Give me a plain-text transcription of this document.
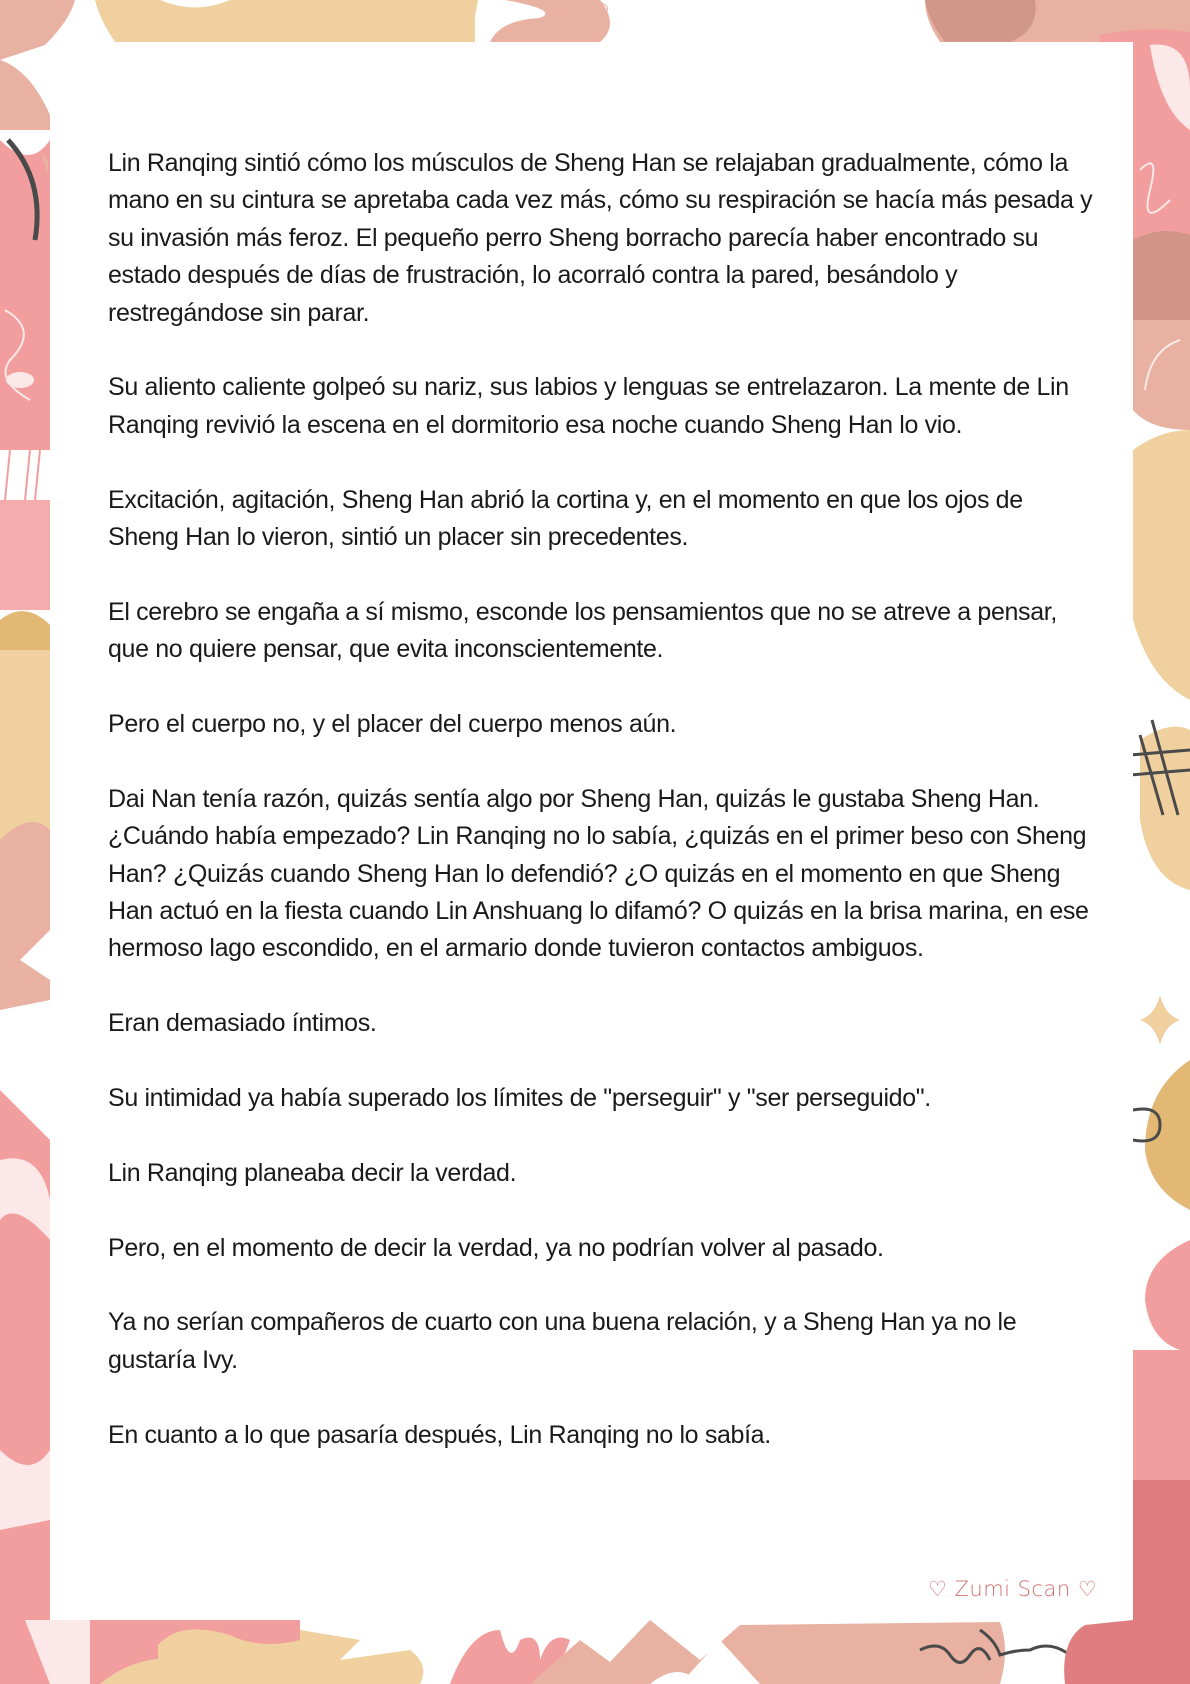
Lin Ranqing sintió cómo los músculos de Sheng Han se relajaban gradualmente, cómo la mano en su cintura se apretaba cada vez más, cómo su respiración se hacía más pesada y su invasión más feroz. El pequeño perro Sheng borracho parecía haber encontrado su estado después de días de frustración, lo acorraló contra la pared, besándolo y restregándose sin parar.

Su aliento caliente golpeó su nariz, sus labios y lenguas se entrelazaron. La mente de Lin Ranqing revivió la escena en el dormitorio esa noche cuando Sheng Han lo vio.

Excitación, agitación, Sheng Han abrió la cortina y, en el momento en que los ojos de Sheng Han lo vieron, sintió un placer sin precedentes.

El cerebro se engaña a sí mismo, esconde los pensamientos que no se atreve a pensar, que no quiere pensar, que evita inconscientemente.

Pero el cuerpo no, y el placer del cuerpo menos aún.

Dai Nan tenía razón, quizás sentía algo por Sheng Han, quizás le gustaba Sheng Han. ¿Cuándo había empezado? Lin Ranqing no lo sabía, ¿quizás en el primer beso con Sheng Han? ¿Quizás cuando Sheng Han lo defendió? ¿O quizás en el momento en que Sheng Han actuó en la fiesta cuando Lin Anshuang lo difamó? O quizás en la brisa marina, en ese hermoso lago escondido, en el armario donde tuvieron contactos ambiguos.

Eran demasiado íntimos.

Su intimidad ya había superado los límites de "perseguir" y "ser perseguido".

Lin Ranqing planeaba decir la verdad.

Pero, en el momento de decir la verdad, ya no podrían volver al pasado.

Ya no serían compañeros de cuarto con una buena relación, y a Sheng Han ya no le gustaría Ivy.

En cuanto a lo que pasaría después, Lin Ranqing no lo sabía.

♡ Zumi Scan ♡
